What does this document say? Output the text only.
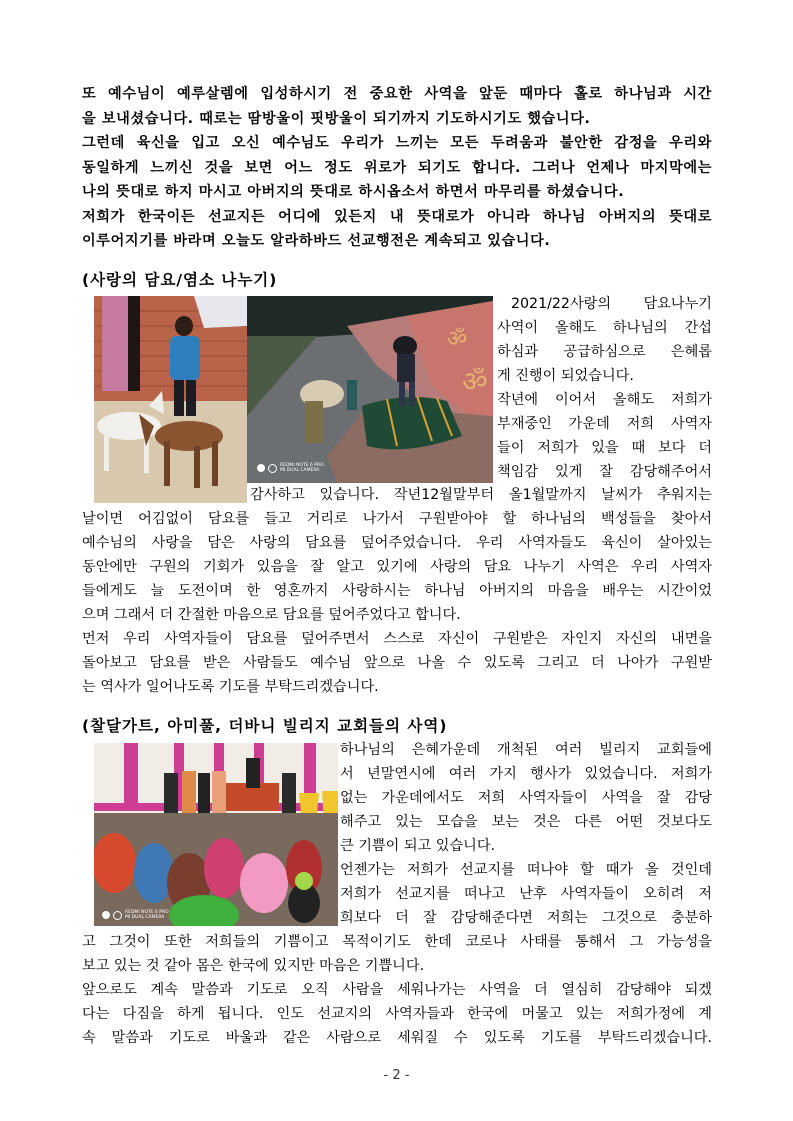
또 예수님이 예루살렘에 입성하시기 전 중요한 사역을 앞둔 때마다 홀로 하나님과 시간
을 보내셨습니다. 때로는 땀방울이 핏방울이 되기까지 기도하시기도 했습니다.
그런데 육신을 입고 오신 예수님도 우리가 느끼는 모든 두려움과 불안한 감정을 우리와
동일하게 느끼신 것을 보면 어느 정도 위로가 되기도 합니다. 그러나 언제나 마지막에는
나의 뜻대로 하지 마시고 아버지의 뜻대로 하시옵소서 하면서 마무리를 하셨습니다.
저희가 한국이든 선교지든 어디에 있든지 내 뜻대로가 아니라 하나님 아버지의 뜻대로
이루어지기를 바라며 오늘도 알라하바드 선교행전은 계속되고 있습니다.
(사랑의 담요/염소 나누기)
ॐ
ॐ
REDMI NOTE 6 PRO
MI DUAL CAMERA
2021/22사랑의 담요나누기
사역이 올해도 하나님의 간섭
하심과 공급하심으로 은혜롭
게 진행이 되었습니다.
작년에 이어서 올해도 저희가
부재중인 가운데 저희 사역자
들이 저희가 있을 때 보다 더
책임감 있게 잘 감당해주어서
감사하고 있습니다. 작년12월말부터 올1월말까지 날씨가 추워지는
날이면 어김없이 담요를 들고 거리로 나가서 구원받아야 할 하나님의 백성들을 찾아서
예수님의 사랑을 담은 사랑의 담요를 덮어주었습니다. 우리 사역자들도 육신이 살아있는
동안에만 구원의 기회가 있음을 잘 알고 있기에 사랑의 담요 나누기 사역은 우리 사역자
들에게도 늘 도전이며 한 영혼까지 사랑하시는 하나님 아버지의 마음을 배우는 시간이었
으며 그래서 더 간절한 마음으로 담요를 덮어주었다고 합니다.
먼저 우리 사역자들이 담요를 덮어주면서 스스로 자신이 구원받은 자인지 자신의 내면을
돌아보고 담요를 받은 사람들도 예수님 앞으로 나올 수 있도록 그리고 더 나아가 구원받
는 역사가 일어나도록 기도를 부탁드리겠습니다.
(찰달가트, 아미풀, 더바니 빌리지 교회들의 사역)
REDMI NOTE 6 PRO
MI DUAL CAMERA
하나님의 은혜가운데 개척된 여러 빌리지 교회들에
서 년말연시에 여러 가지 행사가 있었습니다. 저희가
없는 가운데에서도 저희 사역자들이 사역을 잘 감당
해주고 있는 모습을 보는 것은 다른 어떤 것보다도
큰 기쁨이 되고 있습니다.
언젠가는 저희가 선교지를 떠나야 할 때가 올 것인데
저희가 선교지를 떠나고 난후 사역자들이 오히려 저
희보다 더 잘 감당해준다면 저희는 그것으로 충분하
고 그것이 또한 저희들의 기쁨이고 목적이기도 한데 코로나 사태를 통해서 그 가능성을
보고 있는 것 같아 몸은 한국에 있지만 마음은 기쁩니다.
앞으로도 계속 말씀과 기도로 오직 사람을 세워나가는 사역을 더 열심히 감당해야 되겠
다는 다짐을 하게 됩니다. 인도 선교지의 사역자들과 한국에 머물고 있는 저희가정에 계
속 말씀과 기도로 바울과 같은 사람으로 세워질 수 있도록 기도를 부탁드리겠습니다.
- 2 -
